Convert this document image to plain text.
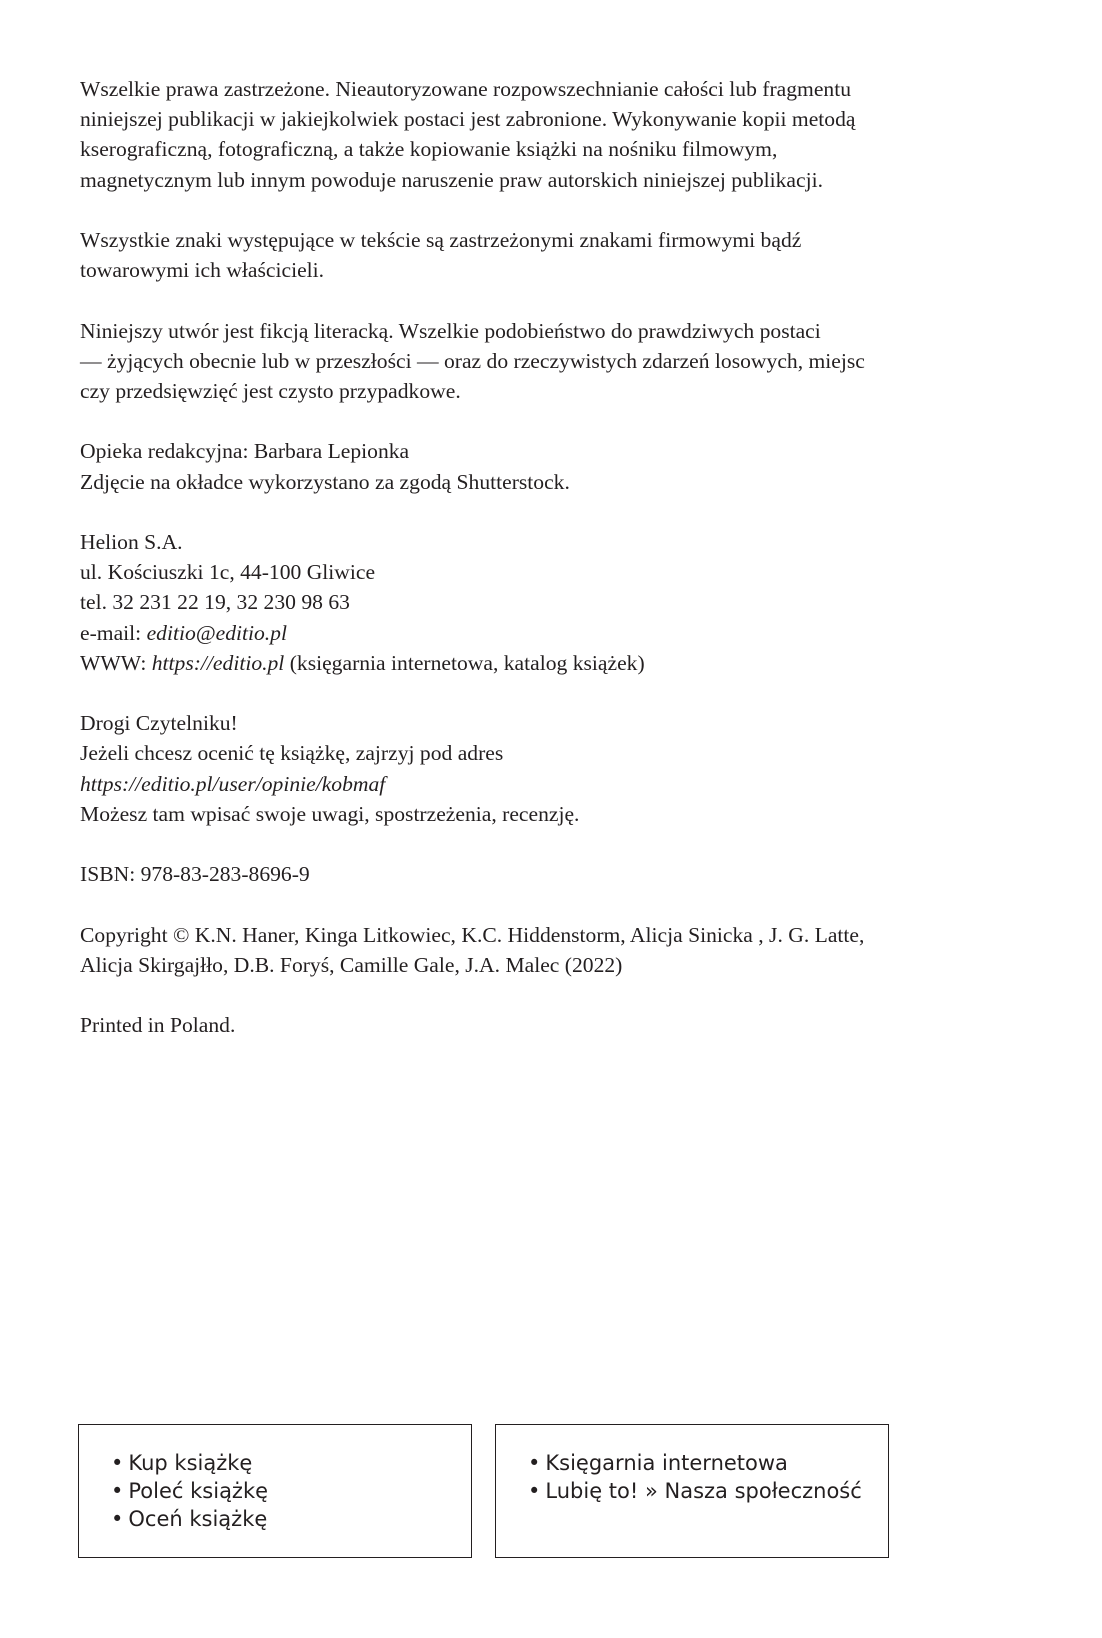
Wszelkie prawa zastrzeżone. Nieautoryzowane rozpowszechnianie całości lub fragmentu
niniejszej publikacji w jakiejkolwiek postaci jest zabronione. Wykonywanie kopii metodą
kserograficzną, fotograficzną, a także kopiowanie książki na nośniku filmowym,
magnetycznym lub innym powoduje naruszenie praw autorskich niniejszej publikacji.

Wszystkie znaki występujące w tekście są zastrzeżonymi znakami firmowymi bądź
towarowymi ich właścicieli.

Niniejszy utwór jest fikcją literacką. Wszelkie podobieństwo do prawdziwych postaci
— żyjących obecnie lub w przeszłości — oraz do rzeczywistych zdarzeń losowych, miejsc
czy przedsięwzięć jest czysto przypadkowe.

Opieka redakcyjna: Barbara Lepionka
Zdjęcie na okładce wykorzystano za zgodą Shutterstock.

Helion S.A.
ul. Kościuszki 1c, 44-100 Gliwice
tel. 32 231 22 19, 32 230 98 63
e-mail: editio@editio.pl
WWW: https://editio.pl (księgarnia internetowa, katalog książek)

Drogi Czytelniku!
Jeżeli chcesz ocenić tę książkę, zajrzyj pod adres
https://editio.pl/user/opinie/kobmaf
Możesz tam wpisać swoje uwagi, spostrzeżenia, recenzję.

ISBN: 978-83-283-8696-9

Copyright © K.N. Haner, Kinga Litkowiec, K.C. Hiddenstorm, Alicja Sinicka , J. G. Latte,
Alicja Skirgajłło, D.B. Foryś, Camille Gale, J.A. Malec (2022)

Printed in Poland.

• Kup książkę
• Poleć książkę
• Oceń książkę
• Księgarnia internetowa
• Lubię to! » Nasza społeczność
